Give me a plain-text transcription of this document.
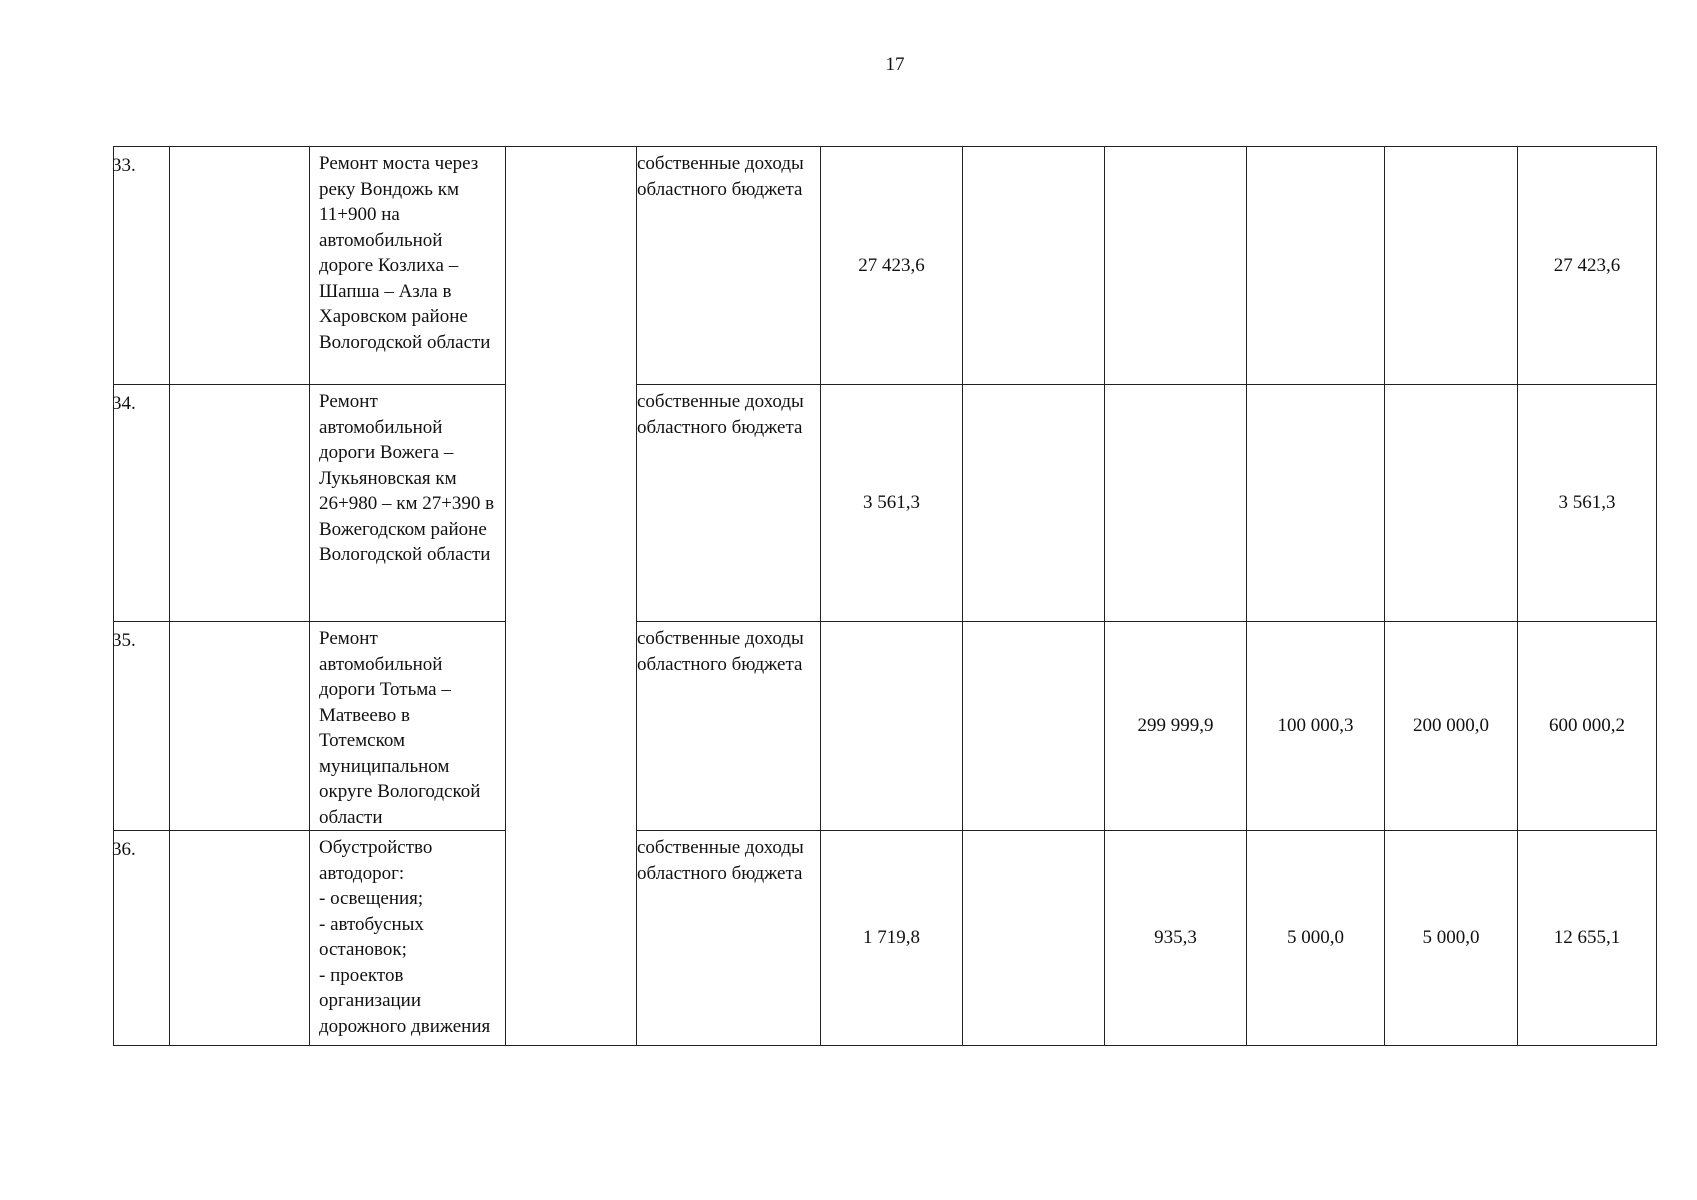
17
33.		Ремонт моста через реку Вондожь км 11+900 на автомобильной дороге Козлиха – Шапша – Азла в Харовском районе Вологодской области		собственные доходы областного бюджета	27 423,6					27 423,6

34.		Ремонт автомобильной дороги Вожега – Лукьяновская км 26+980 – км 27+390 в Вожегодском районе Вологодской области		собственные доходы областного бюджета	3 561,3					3 561,3

35.		Ремонт автомобильной дороги Тотьма – Матвеево в Тотемском муниципальном округе Вологодской области		собственные доходы областного бюджета			299 999,9	100 000,3	200 000,0	600 000,2

36.		Обустройство автодорог:
- освещения;
- автобусных остановок;
- проектов организации дорожного движения		собственные доходы областного бюджета	1 719,8		935,3	5 000,0	5 000,0	12 655,1
